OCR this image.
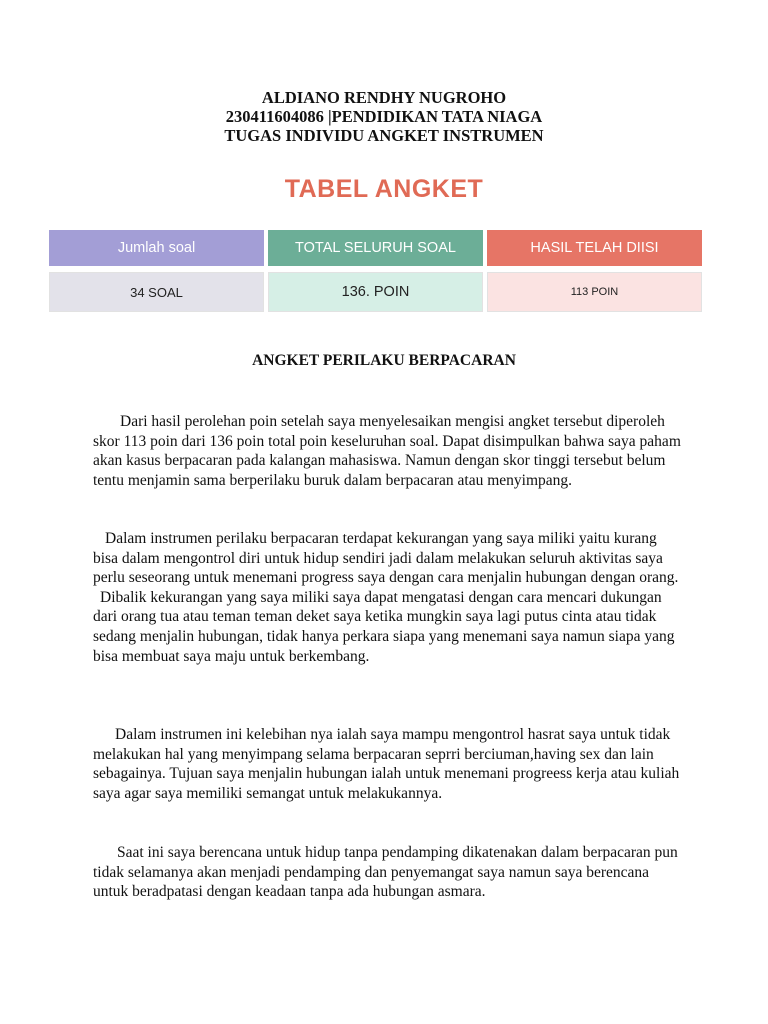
ALDIANO RENDHY NUGROHO
230411604086 |PENDIDIKAN TATA NIAGA
TUGAS INDIVIDU ANGKET INSTRUMEN
TABEL ANGKET
Jumlah soal	TOTAL SELURUH SOAL	HASIL TELAH DIISI
34 SOAL	136. POIN	113 POIN
ANGKET PERILAKU BERPACARAN

Dari hasil perolehan poin setelah saya menyelesaikan mengisi angket tersebut diperoleh skor 113 poin dari 136 poin total poin keseluruhan soal. Dapat disimpulkan bahwa saya paham akan kasus berpacaran pada kalangan mahasiswa. Namun dengan skor tinggi tersebut belum tentu menjamin sama berperilaku buruk dalam berpacaran atau menyimpang.

Dalam instrumen perilaku berpacaran terdapat kekurangan yang saya miliki yaitu kurang bisa dalam mengontrol diri untuk hidup sendiri jadi dalam melakukan seluruh aktivitas saya perlu seseorang untuk menemani progress saya dengan cara menjalin hubungan dengan orang.

Dibalik kekurangan yang saya miliki saya dapat mengatasi dengan cara mencari dukungan dari orang tua atau teman teman deket saya ketika mungkin saya lagi putus cinta atau tidak sedang menjalin hubungan, tidak hanya perkara siapa yang menemani saya namun siapa yang bisa membuat saya maju untuk berkembang.

Dalam instrumen ini kelebihan nya ialah saya mampu mengontrol hasrat saya untuk tidak melakukan hal yang menyimpang selama berpacaran seprri berciuman,having sex dan lain sebagainya. Tujuan saya menjalin hubungan ialah untuk menemani progreess kerja atau kuliah saya agar saya memiliki semangat untuk melakukannya.

Saat ini saya berencana untuk hidup tanpa pendamping dikatenakan dalam berpacaran pun tidak selamanya akan menjadi pendamping dan penyemangat saya namun saya berencana untuk beradpatasi dengan keadaan tanpa ada hubungan asmara.
